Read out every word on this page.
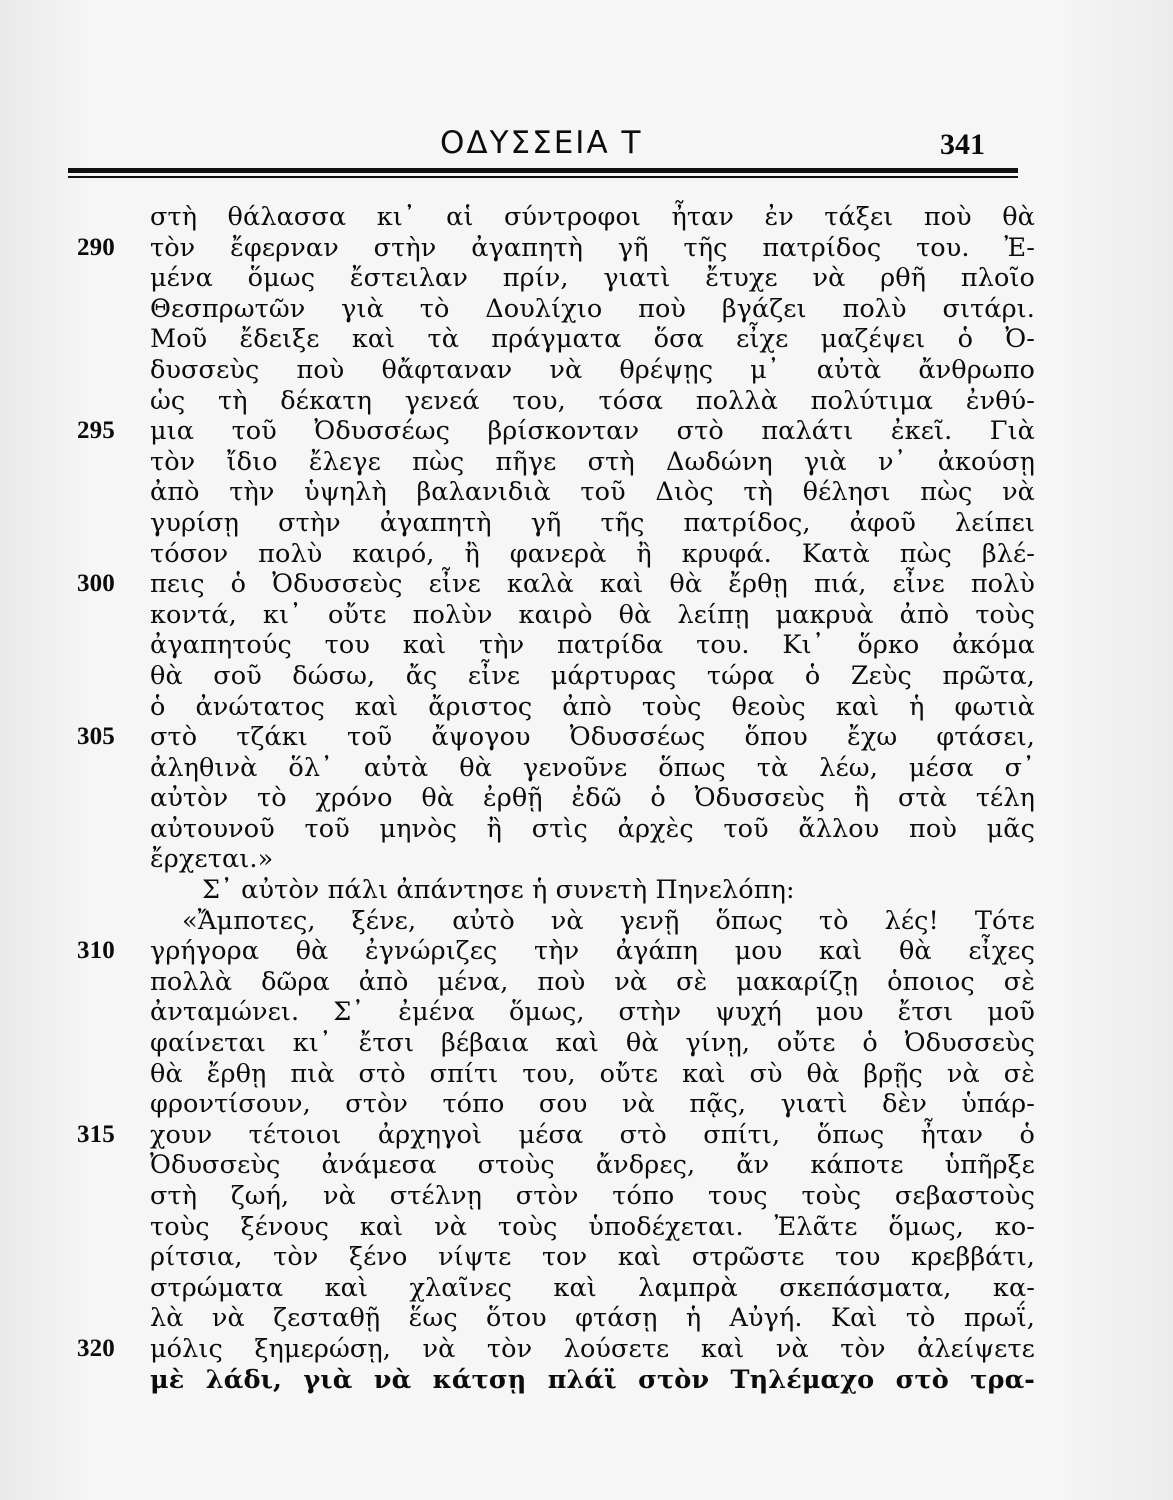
ΟΔΥΣΣΕΙΑ Τ	341
στὴ θάλασσα κι᾿ αἱ σύντροφοι ἦταν ἐν τάξει ποὺ θὰ
290 τὸν ἔφερναν στὴν ἀγαπητὴ γῆ τῆς πατρίδος του. Ἐ-
μένα ὅμως ἔστειλαν πρίν, γιατὶ ἔτυχε νὰ ρθῆ πλοῖο
Θεσπρωτῶν γιὰ τὸ Δουλίχιο ποὺ βγάζει πολὺ σιτάρι.
Μοῦ ἔδειξε καὶ τὰ πράγματα ὅσα εἶχε μαζέψει ὁ Ὀ-
δυσσεὺς ποὺ θἄφταναν νὰ θρέψῃς μ᾿ αὐτὰ ἄνθρωπο
ὡς τὴ δέκατη γενεά του, τόσα πολλὰ πολύτιμα ἐνθύ-
295 μια τοῦ Ὀδυσσέως βρίσκονταν στὸ παλάτι ἐκεῖ. Γιὰ
τὸν ἴδιο ἔλεγε πὼς πῆγε στὴ Δωδώνη γιὰ ν᾿ ἀκούσῃ
ἀπὸ τὴν ὑψηλὴ βαλανιδιὰ τοῦ Διὸς τὴ θέλησι πὼς νὰ
γυρίσῃ στὴν ἀγαπητὴ γῆ τῆς πατρίδος, ἀφοῦ λείπει
τόσον πολὺ καιρό, ἢ φανερὰ ἢ κρυφά. Κατὰ πὼς βλέ-
300 πεις ὁ Ὀδυσσεὺς εἶνε καλὰ καὶ θὰ ἔρθῃ πιά, εἶνε πολὺ
κοντά, κι᾿ οὔτε πολὺν καιρὸ θὰ λείπῃ μακρυὰ ἀπὸ τοὺς
ἀγαπητούς του καὶ τὴν πατρίδα του. Κι᾿ ὅρκο ἀκόμα
θὰ σοῦ δώσω, ἄς εἶνε μάρτυρας τώρα ὁ Ζεὺς πρῶτα,
ὁ ἀνώτατος καὶ ἄριστος ἀπὸ τοὺς θεοὺς καὶ ἡ φωτιὰ
305 στὸ τζάκι τοῦ ἄψογου Ὀδυσσέως ὅπου ἔχω φτάσει,
ἀληθινὰ ὅλ᾿ αὐτὰ θὰ γενοῦνε ὅπως τὰ λέω, μέσα σ᾿
αὐτὸν τὸ χρόνο θὰ ἐρθῇ ἐδῶ ὁ Ὀδυσσεὺς ἢ στὰ τέλη
αὐτουνοῦ τοῦ μηνὸς ἢ στὶς ἀρχὲς τοῦ ἄλλου ποὺ μᾶς
ἔρχεται.»
Σ᾿ αὐτὸν πάλι ἀπάντησε ἡ συνετὴ Πηνελόπη:
«Ἄμποτες, ξένε, αὐτὸ νὰ γενῇ ὅπως τὸ λές! Τότε
310 γρήγορα θὰ ἐγνώριζες τὴν ἀγάπη μου καὶ θὰ εἶχες
πολλὰ δῶρα ἀπὸ μένα, ποὺ νὰ σὲ μακαρίζῃ ὁποιος σὲ
ἀνταμώνει. Σ᾿ ἐμένα ὅμως, στὴν ψυχή μου ἔτσι μοῦ
φαίνεται κι᾿ ἔτσι βέβαια καὶ θὰ γίνῃ, οὔτε ὁ Ὀδυσσεὺς
θὰ ἔρθῃ πιὰ στὸ σπίτι του, οὔτε καὶ σὺ θὰ βρῇς νὰ σὲ
φροντίσουν, στὸν τόπο σου νὰ πᾷς, γιατὶ δὲν ὑπάρ-
315 χουν τέτοιοι ἀρχηγοὶ μέσα στὸ σπίτι, ὅπως ἦταν ὁ
Ὀδυσσεὺς ἀνάμεσα στοὺς ἄνδρες, ἄν κάποτε ὑπῆρξε
στὴ ζωή, νὰ στέλνῃ στὸν τόπο τους τοὺς σεβαστοὺς
τοὺς ξένους καὶ νὰ τοὺς ὑποδέχεται. Ἐλᾶτε ὅμως, κο-
ρίτσια, τὸν ξένο νίψτε τον καὶ στρῶστε του κρεββάτι,
στρώματα καὶ χλαῖνες καὶ λαμπρὰ σκεπάσματα, κα-
λὰ νὰ ζεσταθῇ ἕως ὅτου φτάσῃ ἡ Αὐγή. Καὶ τὸ πρωΐ,
320 μόλις ξημερώσῃ, νὰ τὸν λούσετε καὶ νὰ τὸν ἀλείψετε
μὲ λάδι, γιὰ νὰ κάτσῃ πλάϊ στὸν Τηλέμαχο στὸ τρα-
